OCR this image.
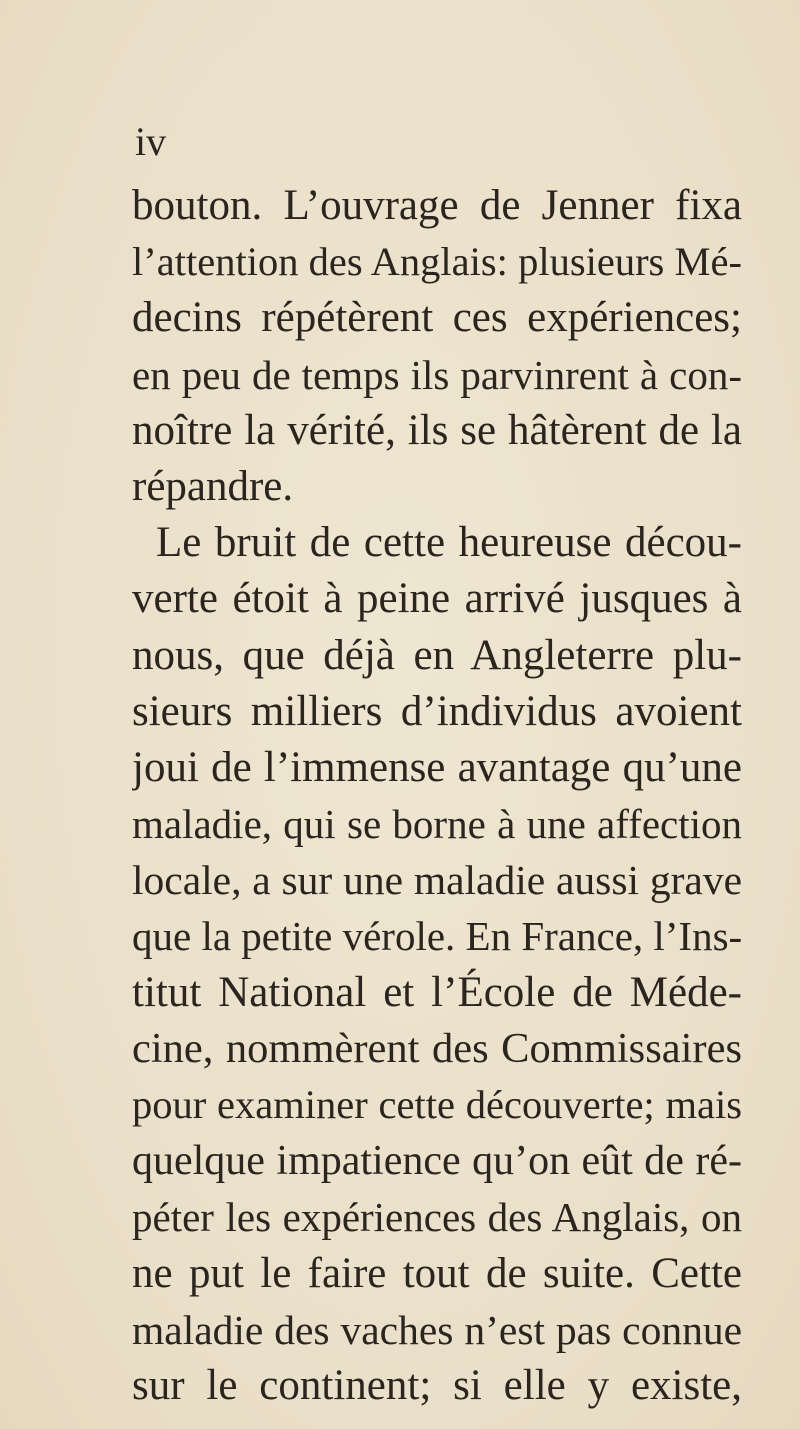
iv
bouton. L’ouvrage de Jenner fixa
l’attention des Anglais: plusieurs Mé-
decins répétèrent ces expériences;
en peu de temps ils parvinrent à con-
noître la vérité, ils se hâtèrent de la
répandre.
Le bruit de cette heureuse décou-
verte étoit à peine arrivé jusques à
nous, que déjà en Angleterre plu-
sieurs milliers d’individus avoient
joui de l’immense avantage qu’une
maladie, qui se borne à une affection
locale, a sur une maladie aussi grave
que la petite vérole. En France, l’Ins-
titut National et l’École de Méde-
cine, nommèrent des Commissaires
pour examiner cette découverte; mais
quelque impatience qu’on eût de ré-
péter les expériences des Anglais, on
ne put le faire tout de suite. Cette
maladie des vaches n’est pas connue
sur le continent; si elle y existe,
